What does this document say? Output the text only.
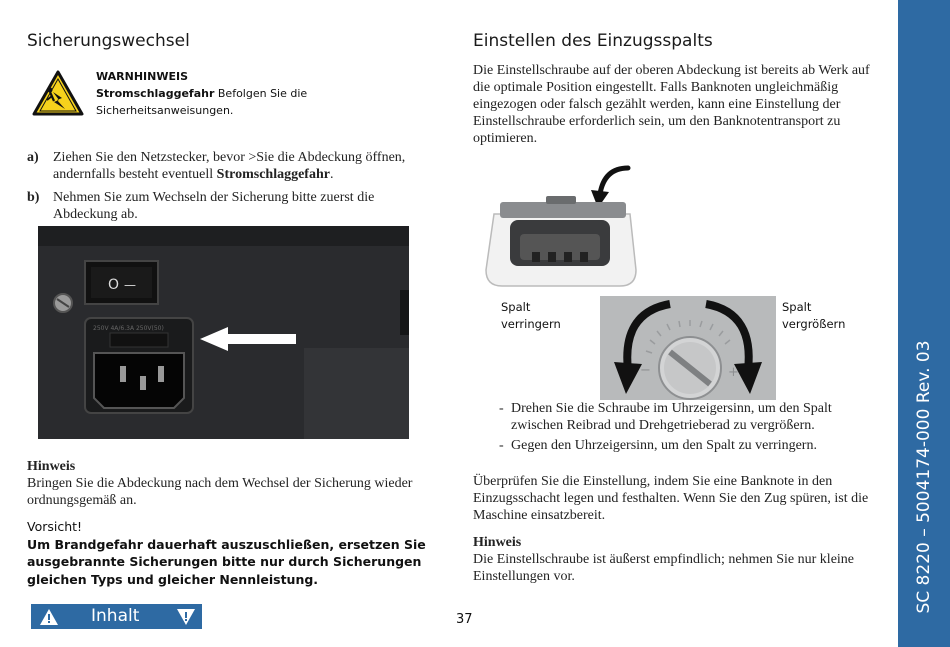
Sicherungswechsel
WARNHINWEIS
Stromschlaggefahr Befolgen Sie die
Sicherheitsanweisungen.
a) Ziehen Sie den Netzstecker, bevor >Sie die Abdeckung öffnen, andernfalls besteht eventuell Stromschlaggefahr.
b) Nehmen Sie zum Wechseln der Sicherung bitte zuerst die Abdeckung ab.
O —
250V 4A/6.3A 250V(50)
Hinweis
Bringen Sie die Abdeckung nach dem Wechsel der Sicherung wieder ordnungsgemäß an.
Vorsicht!
Um Brandgefahr dauerhaft auszuschließen, ersetzen Sie ausgebrannte Sicherungen bitte nur durch Sicherungen gleichen Typs und gleicher Nennleistung.
Inhalt	37
Einstellen des Einzugsspalts
Die Einstellschraube auf der oberen Abdeckung ist bereits ab Werk auf die optimale Position eingestellt. Falls Banknoten ungleichmäßig eingezogen oder falsch gezählt werden, kann eine Einstellung der Einstellschraube erforderlich sein, um den Banknotentransport zu optimieren.
Spalt
verringern
Spalt
vergrößern
−	+
- Drehen Sie die Schraube im Uhrzeigersinn, um den Spalt zwischen Reibrad und Drehgetrieberad zu vergrößern.
- Gegen den Uhrzeigersinn, um den Spalt zu verringern.
Überprüfen Sie die Einstellung, indem Sie eine Banknote in den Einzugsschacht legen und festhalten. Wenn Sie den Zug spüren, ist die Maschine einsatzbereit.
Hinweis
Die Einstellschraube ist äußerst empfindlich; nehmen Sie nur kleine Einstellungen vor.	SC 8220 – 5004174-000 Rev. 03
